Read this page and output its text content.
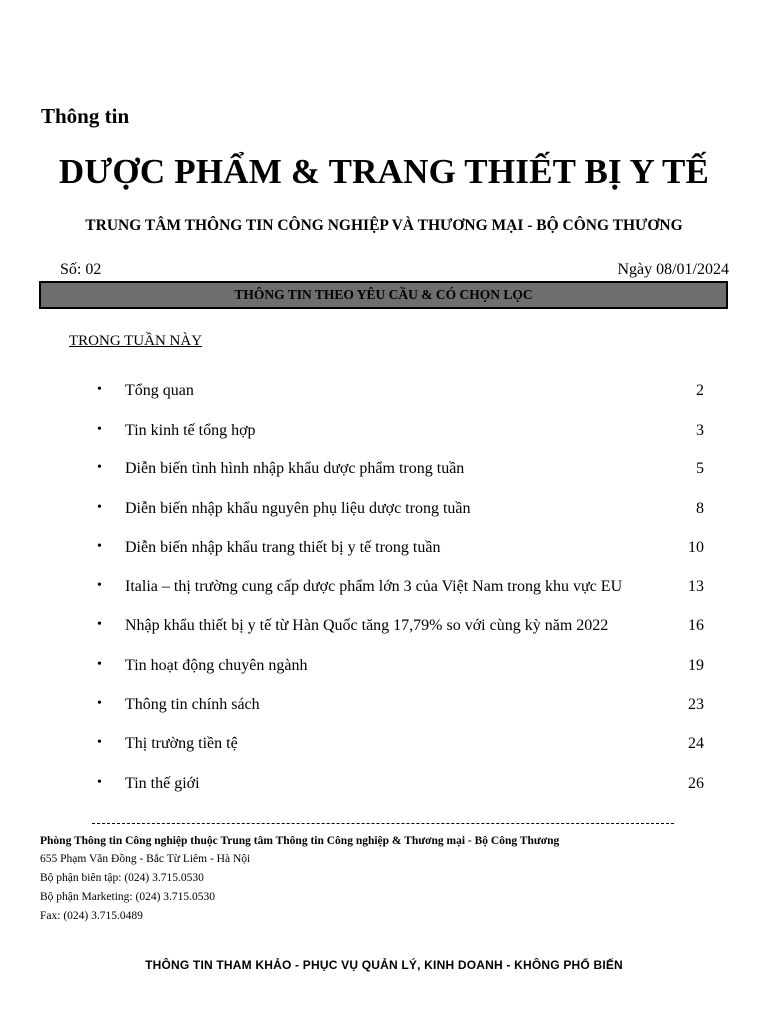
Thông tin
DƯỢC PHẨM & TRANG THIẾT BỊ Y TẾ
TRUNG TÂM THÔNG TIN CÔNG NGHIỆP VÀ THƯƠNG MẠI - BỘ CÔNG THƯƠNG
Số: 02	Ngày 08/01/2024
THÔNG TIN THEO YÊU CẦU & CÓ CHỌN LỌC
TRONG TUẦN NÀY
• Tổng quan	2
• Tin kinh tế tổng hợp	3
• Diễn biến tình hình nhập khẩu dược phẩm trong tuần	5
• Diễn biến nhập khẩu nguyên phụ liệu dược trong tuần	8
• Diễn biến nhập khẩu trang thiết bị y tế trong tuần	10
• Italia – thị trường cung cấp dược phẩm lớn 3 của Việt Nam trong khu vực EU	13
• Nhập khẩu thiết bị y tế từ Hàn Quốc tăng 17,79% so với cùng kỳ năm 2022	16
• Tin hoạt động chuyên ngành	19
• Thông tin chính sách	23
• Thị trường tiền tệ	24
• Tin thế giới	26
Phòng Thông tin Công nghiệp thuộc Trung tâm Thông tin Công nghiệp & Thương mại - Bộ Công Thương
655 Phạm Văn Đồng - Bắc Từ Liêm - Hà Nội
Bộ phận biên tập: (024) 3.715.0530
Bộ phận Marketing: (024) 3.715.0530
Fax: (024) 3.715.0489
THÔNG TIN THAM KHẢO - PHỤC VỤ QUẢN LÝ, KINH DOANH - KHÔNG PHỔ BIẾN
